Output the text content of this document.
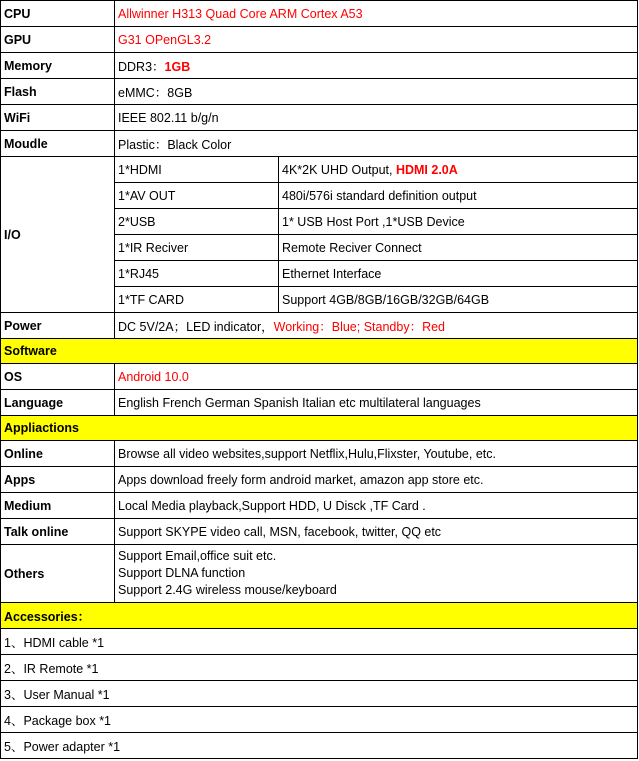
CPU	Allwinner H313 Quad Core ARM Cortex A53	
GPU	G31 OPenGL3.2	
Memory	DDR3：1GB	
Flash	eMMC：8GB	
WiFi	IEEE 802.11 b/g/n	
Moudle	Plastic：Black Color	
I/O	1*HDMI	4K*2K UHD Output, HDMI 2.0A
	1*AV OUT	480i/576i standard definition output
	2*USB	1* USB Host Port ,1*USB Device
	1*IR Reciver	Remote Reciver Connect
	1*RJ45	Ethernet Interface
	1*TF CARD	Support 4GB/8GB/16GB/32GB/64GB
Power	DC 5V/2A；LED indicator，Working：Blue; Standby：Red	
Software		
OS	Android 10.0	
Language	English French German Spanish Italian etc multilateral languages	
Appliactions		
Online	Browse all video websites,support Netflix,Hulu,Flixster, Youtube, etc.	
Apps	Apps download freely form android market, amazon app store etc.	
Medium	Local Media playback,Support HDD, U Disck ,TF Card .	
Talk online	Support SKYPE video call, MSN, facebook, twitter, QQ etc	
Others	Support Email,office suit etc.
Support DLNA function
Support 2.4G wireless mouse/keyboard	

Accessories：		
1、HDMI cable *1		
2、IR Remote *1		
3、User Manual *1		
4、Package box *1		
5、Power adapter *1		
